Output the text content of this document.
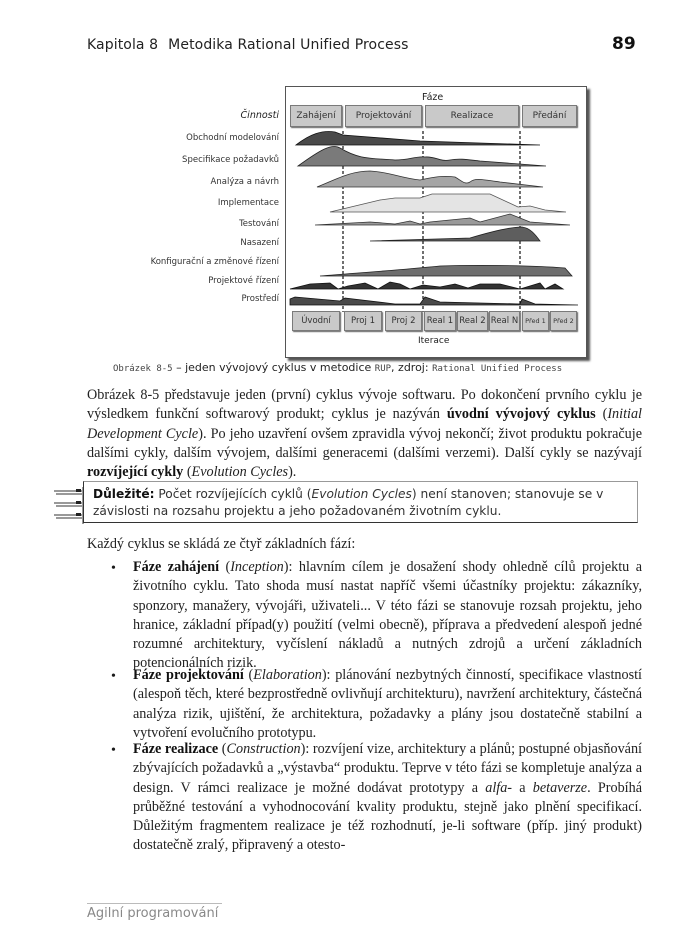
Kapitola 8 Metodika Rational Unified Process	89
Fáze
Zahájení	Projektování	Realizace	Předání
Činnosti
Obchodní modelování
Specifikace požadavků
Analýza a návrh
Implementace
Testování
Nasazení
Konfigurační a změnové řízení
Projektové řízení
Prostředí
Úvodní	Proj 1	Proj 2	Real 1 Real 2 Real N	Před 1	Před 2
Iterace
Obrázek 8-5 – jeden vývojový cyklus v metodice RUP, zdroj: Rational Unified Process
Obrázek 8-5 představuje jeden (první) cyklus vývoje softwaru. Po dokončení prvního cyklu je výsledkem funkční softwarový produkt; cyklus je nazýván úvodní vývojový cyklus (Initial Development Cycle). Po jeho uzavření ovšem zpravidla vývoj nekončí; život produktu pokračuje dalšími cykly, dalším vývojem, dalšími generacemi (dalšími verzemi). Další cykly se nazývají rozvíjející cykly (Evolution Cycles).
Důležité: Počet rozvíjejících cyklů (Evolution Cycles) není stanoven; stanovuje se v závislosti na rozsahu projektu a jeho požadovaném životním cyklu.
Každý cyklus se skládá ze čtyř základních fází:
• Fáze zahájení (Inception): hlavním cílem je dosažení shody ohledně cílů projektu a životního cyklu. Tato shoda musí nastat napříč všemi účastníky projektu: zákazníky, sponzory, manažery, vývojáři, uživateli... V této fázi se stanovuje rozsah projektu, jeho hranice, základní případ(y) použití (velmi obecně), příprava a předvedení alespoň jedné rozumné architektury, vyčíslení nákladů a nutných zdrojů a určení základních potencionálních rizik.
• Fáze projektování (Elaboration): plánování nezbytných činností, specifikace vlastností (alespoň těch, které bezprostředně ovlivňují architekturu), navržení architektury, částečná analýza rizik, ujištění, že architektura, požadavky a plány jsou dostatečně stabilní a vytvoření evolučního prototypu.
• Fáze realizace (Construction): rozvíjení vize, architektury a plánů; postupné objasňování zbývajících požadavků a „výstavba“ produktu. Teprve v této fázi se kompletuje analýza a design. V rámci realizace je možné dodávat prototypy a alfa- a betaverze. Probíhá průběžné testování a vyhodnocování kvality produktu, stejně jako plnění specifikací. Důležitým fragmentem realizace je též rozhodnutí, je-li software (příp. jiný produkt) dostatečně zralý, připravený a otesto-
Agilní programování
